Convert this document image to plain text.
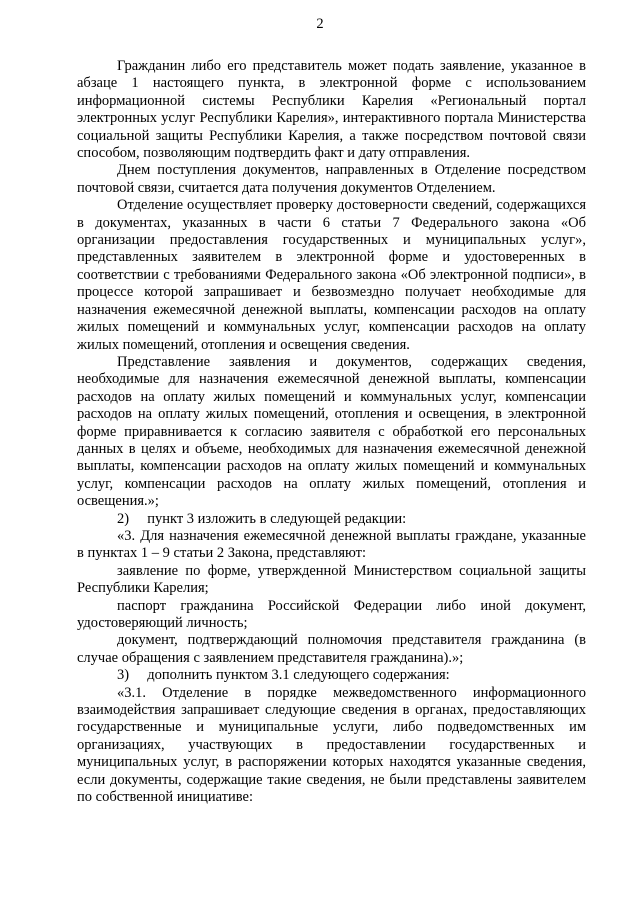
2

Гражданин либо его представитель может подать заявление, указанное в абзаце 1 настоящего пункта, в электронной форме с использованием информационной системы Республики Карелия «Региональный портал электронных услуг Республики Карелия», интерактивного портала Министерства социальной защиты Республики Карелия, а также посредством почтовой связи способом, позволяющим подтвердить факт и дату отправления.

Днем поступления документов, направленных в Отделение посредством почтовой связи, считается дата получения документов Отделением.

Отделение осуществляет проверку достоверности сведений, содержащихся в документах, указанных в части 6 статьи 7 Федерального закона «Об организации предоставления государственных и муниципальных услуг», представленных заявителем в электронной форме и удостоверенных в соответствии с требованиями Федерального закона «Об электронной подписи», в процессе которой запрашивает и безвозмездно получает необходимые для назначения ежемесячной денежной выплаты, компенсации расходов на оплату жилых помещений и коммунальных услуг, компенсации расходов на оплату жилых помещений, отопления и освещения сведения.

Представление заявления и документов, содержащих сведения, необходимые для назначения ежемесячной денежной выплаты, компенсации расходов на оплату жилых помещений и коммунальных услуг, компенсации расходов на оплату жилых помещений, отопления и освещения, в электронной форме приравнивается к согласию заявителя с обработкой его персональных данных в целях и объеме, необходимых для назначения ежемесячной денежной выплаты, компенсации расходов на оплату жилых помещений и коммунальных услуг, компенсации расходов на оплату жилых помещений, отопления и освещения.»;

2)     пункт 3 изложить в следующей редакции:

«3. Для назначения ежемесячной денежной выплаты граждане, указанные в пунктах 1 – 9 статьи 2 Закона, представляют:

заявление по форме, утвержденной Министерством социальной защиты Республики Карелия;

паспорт гражданина Российской Федерации либо иной документ, удостоверяющий личность;

документ, подтверждающий полномочия представителя гражданина (в случае обращения с заявлением представителя гражданина).»;

3)     дополнить пунктом 3.1 следующего содержания:

«3.1. Отделение в порядке межведомственного информационного взаимодействия запрашивает следующие сведения в органах, предоставляющих государственные и муниципальные услуги, либо подведомственных им организациях, участвующих в предоставлении государственных и муниципальных услуг, в распоряжении которых находятся указанные сведения, если документы, содержащие такие сведения, не были представлены заявителем по собственной инициативе:
